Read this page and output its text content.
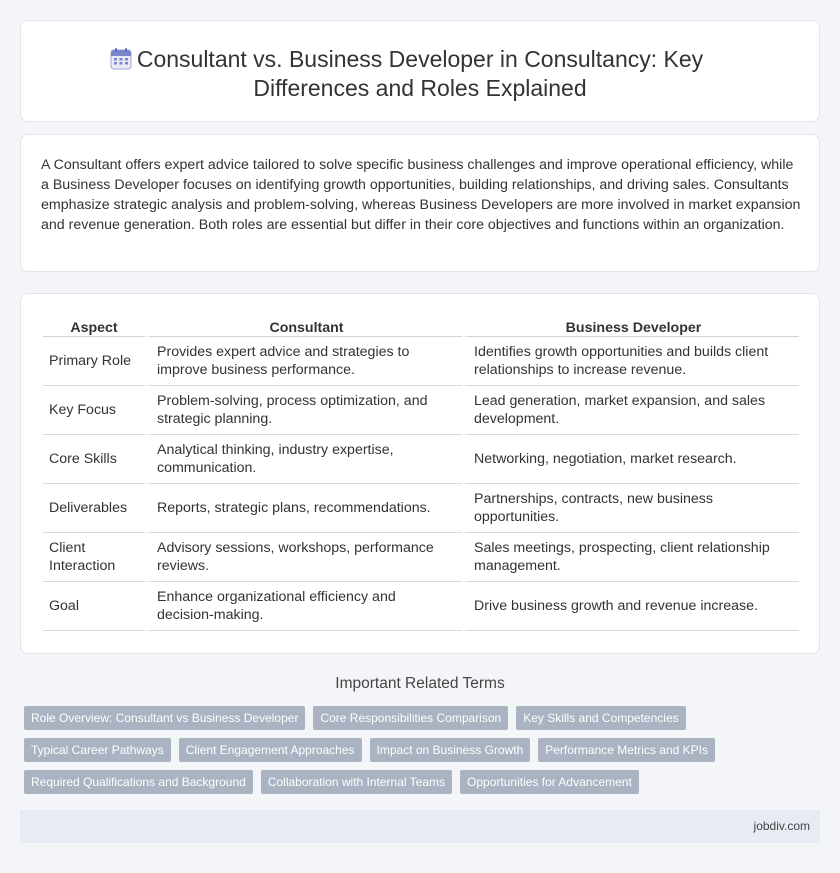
Consultant vs. Business Developer in Consultancy: Key Differences and Roles Explained

A Consultant offers expert advice tailored to solve specific business challenges and improve operational efficiency, while a Business Developer focuses on identifying growth opportunities, building relationships, and driving sales. Consultants emphasize strategic analysis and problem-solving, whereas Business Developers are more involved in market expansion and revenue generation. Both roles are essential but differ in their core objectives and functions within an organization.

Aspect	Consultant	Business Developer
Primary Role	Provides expert advice and strategies to improve business performance.	Identifies growth opportunities and builds client relationships to increase revenue.
Key Focus	Problem-solving, process optimization, and strategic planning.	Lead generation, market expansion, and sales development.
Core Skills	Analytical thinking, industry expertise, communication.	Networking, negotiation, market research.
Deliverables	Reports, strategic plans, recommendations.	Partnerships, contracts, new business opportunities.
Client Interaction	Advisory sessions, workshops, performance reviews.	Sales meetings, prospecting, client relationship management.
Goal	Enhance organizational efficiency and decision-making.	Drive business growth and revenue increase.
Important Related Terms
Role Overview: Consultant vs Business Developer	Core Responsibilities Comparison	Key Skills and Competencies
Typical Career Pathways	Client Engagement Approaches	Impact on Business Growth	Performance Metrics and KPIs
Required Qualifications and Background	Collaboration with Internal Teams	Opportunities for Advancement
jobdiv.com
